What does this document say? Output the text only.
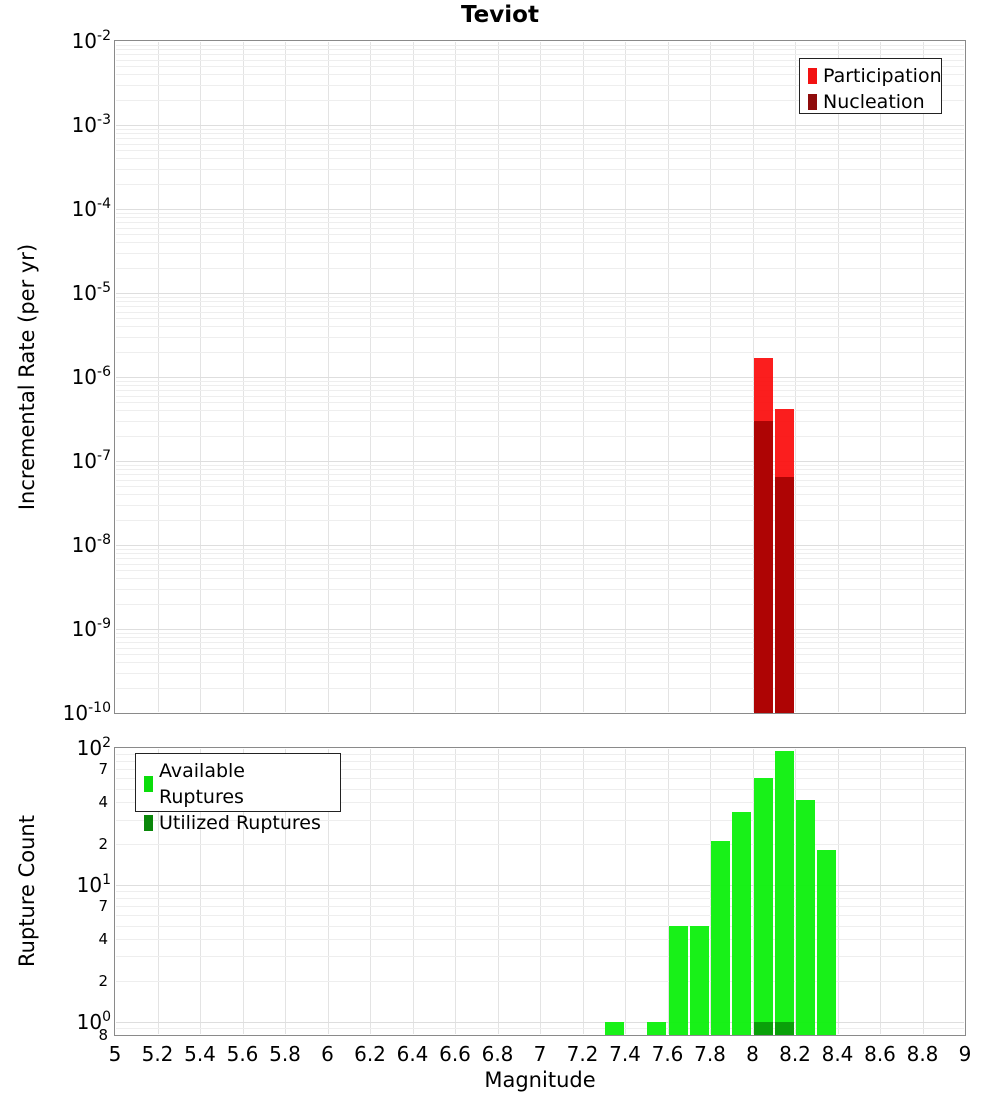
Teviot
Incremental Rate (per yr)
Rupture Count
Magnitude
Participation
Nucleation
Available Ruptures
Utilized Ruptures
$10^{-2}$
$10^{-3}$
$10^{-4}$
$10^{-5}$
$10^{-6}$
$10^{-7}$
$10^{-8}$
$10^{-9}$
$10^{-10}$
$10^2$
$10^1$
$10^0$
7
4
2
7
4
2
8
5 5.2 5.4 5.6 5.8 6 6.2 6.4 6.6 6.8 7 7.2 7.4 7.6 7.8 8 8.2 8.4 8.6 8.8 9
